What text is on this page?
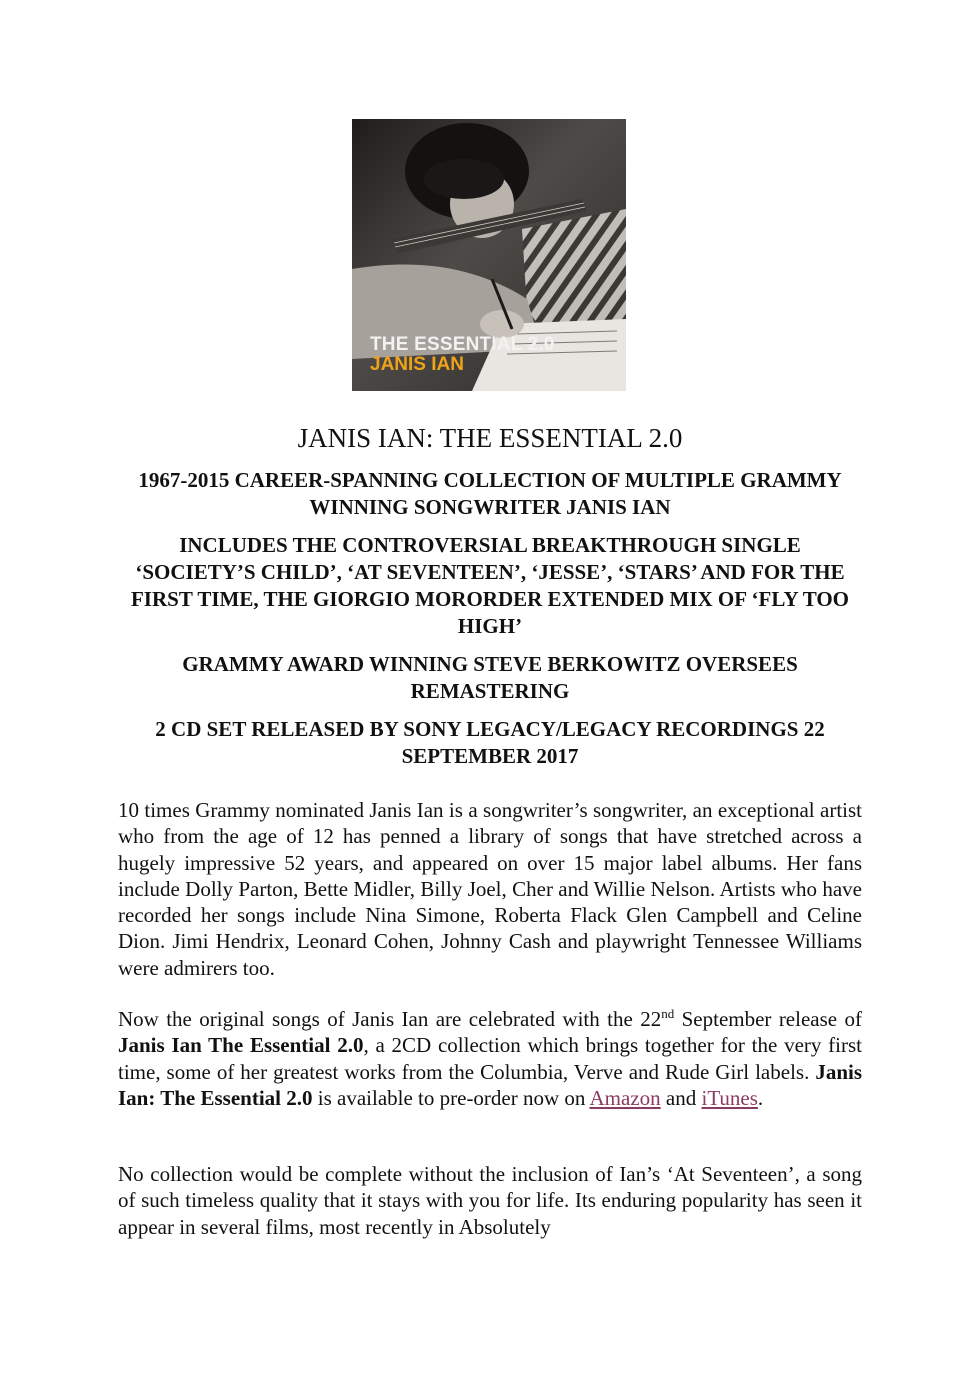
THE ESSENTIAL 2.0
JANIS IAN
JANIS IAN: THE ESSENTIAL 2.0

1967-2015 CAREER-SPANNING COLLECTION OF MULTIPLE GRAMMY WINNING SONGWRITER JANIS IAN

INCLUDES THE CONTROVERSIAL BREAKTHROUGH SINGLE ‘SOCIETY’S CHILD’, ‘AT SEVENTEEN’, ‘JESSE’, ‘STARS’ AND FOR THE FIRST TIME, THE GIORGIO MORORDER EXTENDED MIX OF ‘FLY TOO HIGH’

GRAMMY AWARD WINNING STEVE BERKOWITZ OVERSEES REMASTERING

2 CD SET RELEASED BY SONY LEGACY/LEGACY RECORDINGS 22 SEPTEMBER 2017

10 times Grammy nominated Janis Ian is a songwriter’s songwriter, an exceptional artist who from the age of 12 has penned a library of songs that have stretched across a hugely impressive 52 years, and appeared on over 15 major label albums. Her fans include Dolly Parton, Bette Midler, Billy Joel, Cher and Willie Nelson. Artists who have recorded her songs include Nina Simone, Roberta Flack Glen Campbell and Celine Dion. Jimi Hendrix, Leonard Cohen, Johnny Cash and playwright Tennessee Williams were admirers too.

Now the original songs of Janis Ian are celebrated with the 22nd September release of Janis Ian The Essential 2.0, a 2CD collection which brings together for the very first time, some of her greatest works from the Columbia, Verve and Rude Girl labels. Janis Ian: The Essential 2.0 is available to pre-order now on Amazon and iTunes.

No collection would be complete without the inclusion of Ian’s ‘At Seventeen’, a song of such timeless quality that it stays with you for life. Its enduring popularity has seen it appear in several films, most recently in Absolutely
